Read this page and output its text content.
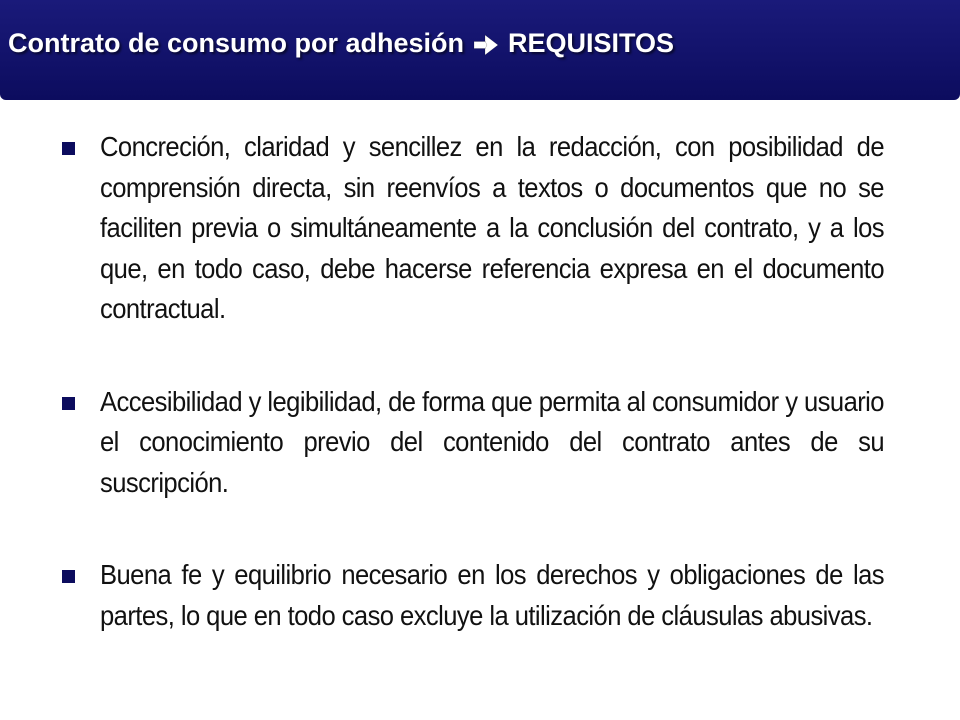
Contrato de consumo por adhesión REQUISITOS
Concreción, claridad y sencillez en la redacción, con posibilidad de comprensión directa, sin reenvíos a textos o documentos que no se faciliten previa o simultáneamente a la conclusión del contrato, y a los que, en todo caso, debe hacerse referencia expresa en el documento contractual.
Accesibilidad y legibilidad, de forma que permita al consumidor y usuario el conocimiento previo del contenido del contrato antes de su suscripción.
Buena fe y equilibrio necesario en los derechos y obligaciones de las partes, lo que en todo caso excluye la utilización de cláusulas abusivas.
